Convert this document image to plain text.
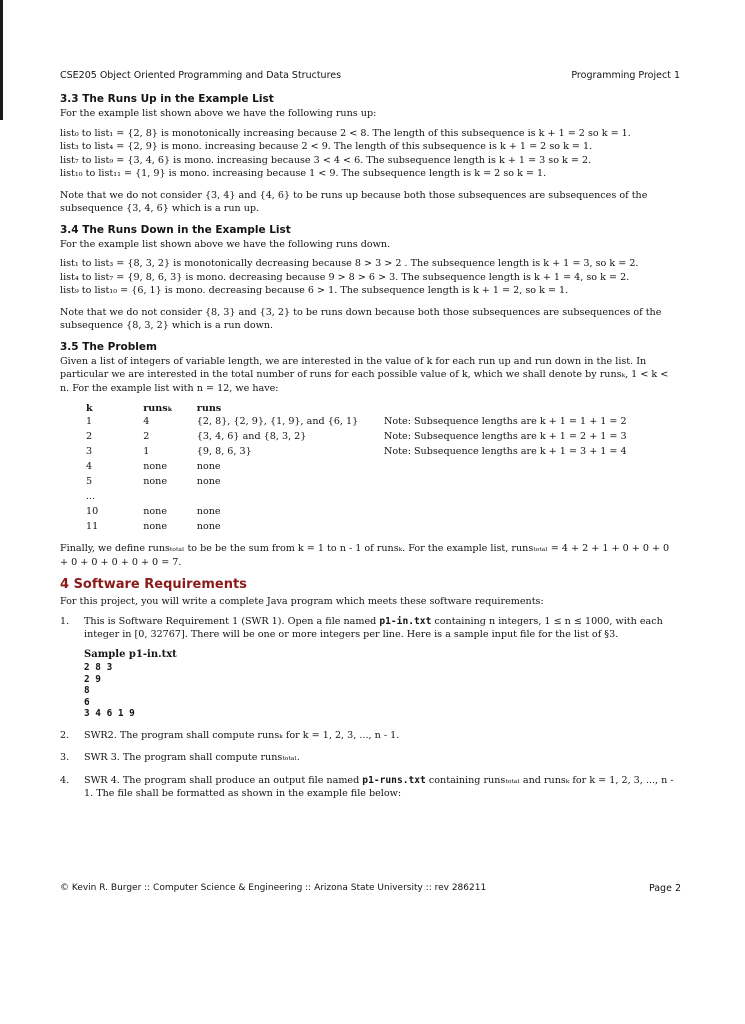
CSE205 Object Oriented Programming and Data Structures	Programming Project 1
3.3 The Runs Up in the Example List

For the example list shown above we have the following runs up:

list₀ to list₁ = {2, 8} is monotonically increasing because 2 < 8. The length of this subsequence is k + 1 = 2 so k = 1.
list₃ to list₄ = {2, 9} is mono. increasing because 2 < 9. The length of this subsequence is k + 1 = 2 so k = 1.
list₇ to list₉ = {3, 4, 6} is mono. increasing because 3 < 4 < 6. The subsequence length is k + 1 = 3 so k = 2.
list₁₀ to list₁₁ = {1, 9} is mono. increasing because 1 < 9. The subsequence length is k = 2 so k = 1.

Note that we do not consider {3, 4} and {4, 6} to be runs up because both those subsequences are subsequences of the subsequence {3, 4, 6} which is a run up.

3.4 The Runs Down in the Example List

For the example list shown above we have the following runs down.

list₁ to list₃ = {8, 3, 2} is monotonically decreasing because 8 > 3 > 2 . The subsequence length is k + 1 = 3, so k = 2.
list₄ to list₇ = {9, 8, 6, 3} is mono. decreasing because 9 > 8 > 6 > 3. The subsequence length is k + 1 = 4, so k = 2.
list₉ to list₁₀ = {6, 1} is mono. decreasing because 6 > 1. The subsequence length is k + 1 = 2, so k = 1.

Note that we do not consider {8, 3} and {3, 2} to be runs down because both those subsequences are subsequences of the subsequence {8, 3, 2} which is a run down.

3.5 The Problem

Given a list of integers of variable length, we are interested in the value of k for each run up and run down in the list. In particular we are interested in the total number of runs for each possible value of k, which we shall denote by runsₖ, 1 < k < n. For the example list with n = 12, we have:

k	runsₖ	runs	
1	4	{2, 8}, {2, 9}, {1, 9}, and {6, 1}	Note: Subsequence lengths are k + 1 = 1 + 1 = 2
2	2	{3, 4, 6} and {8, 3, 2}	Note: Subsequence lengths are k + 1 = 2 + 1 = 3
3	1	{9, 8, 6, 3}	Note: Subsequence lengths are k + 1 = 3 + 1 = 4
4	none	none	
5	none	none	
...			
10	none	none	
11	none	none	

Finally, we define runsₜₒₜₐₗ to be be the sum from k = 1 to n - 1 of runsₖ. For the example list, runsₜₒₜₐₗ = 4 + 2 + 1 + 0 + 0 + 0 + 0 + 0 + 0 + 0 + 0 = 7.

4 Software Requirements

For this project, you will write a complete Java program which meets these software requirements:

1. This is Software Requirement 1 (SWR 1). Open a file named p1-in.txt containing n integers, 1 ≤ n ≤ 1000, with each integer in [0, 32767]. There will be one or more integers per line. Here is a sample input file for the list of §3.
Sample p1-in.txt
2 8 3
2 9
8
6
3 4 6 1 9
2. SWR2. The program shall compute runsₖ for k = 1, 2, 3, ..., n - 1.
3. SWR 3. The program shall compute runsₜₒₜₐₗ.
4. SWR 4. The program shall produce an output file named p1-runs.txt containing runsₜₒₜₐₗ and runsₖ for k = 1, 2, 3, ..., n - 1. The file shall be formatted as shown in the example file below:
© Kevin R. Burger :: Computer Science & Engineering :: Arizona State University :: rev 286211	Page 2
